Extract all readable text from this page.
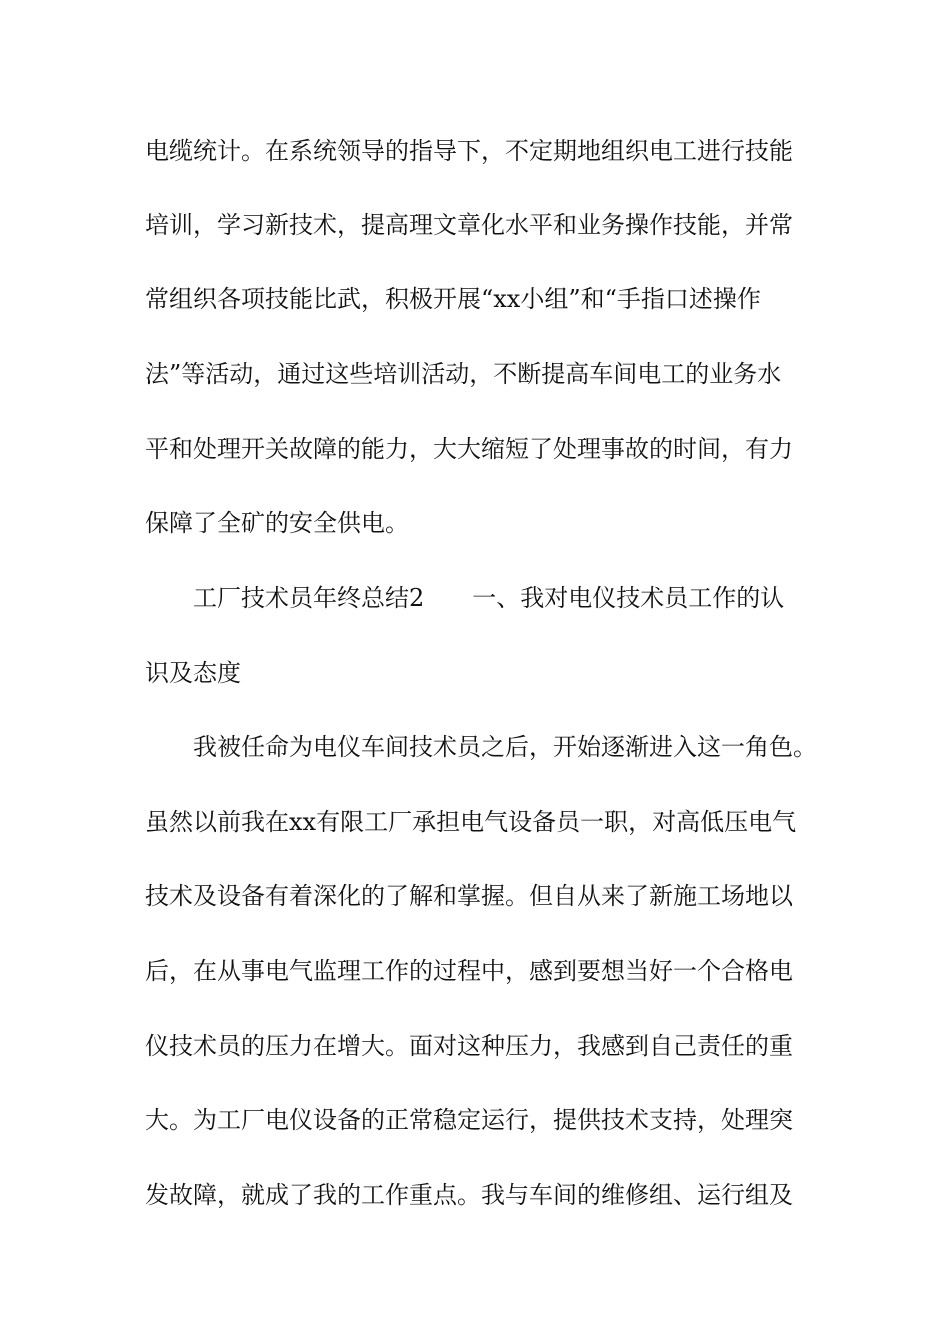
电缆统计。在系统领导的指导下，不定期地组织电工进行技能
培训，学习新技术，提高理文章化水平和业务操作技能，并常
常组织各项技能比武，积极开展“xx小组”和“手指口述操作
法”等活动，通过这些培训活动，不断提高车间电工的业务水
平和处理开关故障的能力，大大缩短了处理事故的时间，有力
保障了全矿的安全供电。
工厂技术员年终总结2　　一、我对电仪技术员工作的认
识及态度
我被任命为电仪车间技术员之后，开始逐渐进入这一角色。
虽然以前我在xx有限工厂承担电气设备员一职，对高低压电气
技术及设备有着深化的了解和掌握。但自从来了新施工场地以
后，在从事电气监理工作的过程中，感到要想当好一个合格电
仪技术员的压力在增大。面对这种压力，我感到自己责任的重
大。为工厂电仪设备的正常稳定运行，提供技术支持，处理突
发故障，就成了我的工作重点。我与车间的维修组、运行组及
